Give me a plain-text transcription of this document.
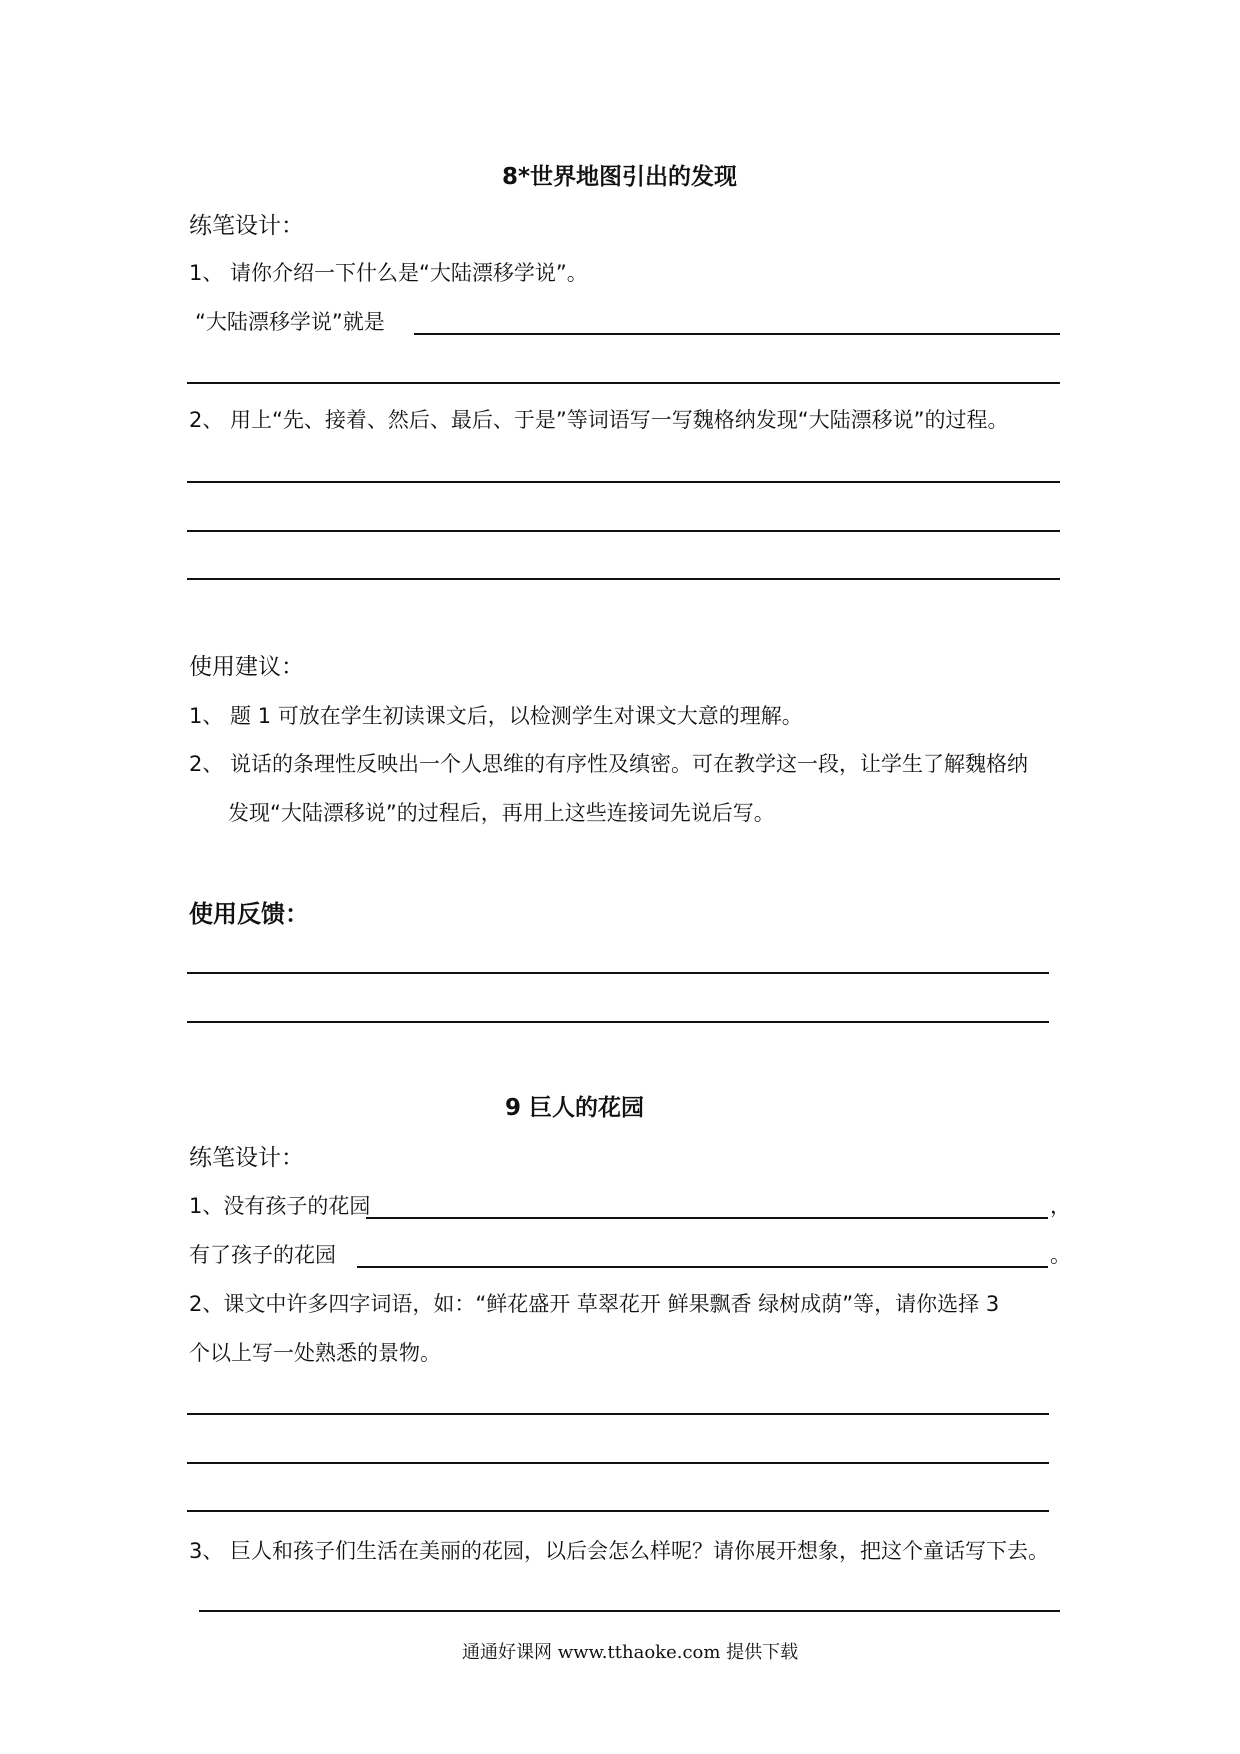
8*世界地图引出的发现
练笔设计：
1、 请你介绍一下什么是“大陆漂移学说”。
“大陆漂移学说”就是
2、 用上“先、接着、然后、最后、于是”等词语写一写魏格纳发现“大陆漂移说”的过程。
使用建议：
1、 题 1 可放在学生初读课文后，以检测学生对课文大意的理解。
2、 说话的条理性反映出一个人思维的有序性及缜密。可在教学这一段，让学生了解魏格纳
发现“大陆漂移说”的过程后，再用上这些连接词先说后写。
使用反馈：
9 巨人的花园
练笔设计：
1、没有孩子的花园	，
有了孩子的花园	。
2、课文中许多四字词语，如：“鲜花盛开 草翠花开 鲜果飘香 绿树成荫”等，请你选择 3
个以上写一处熟悉的景物。
3、 巨人和孩子们生活在美丽的花园，以后会怎么样呢？请你展开想象，把这个童话写下去。
通通好课网 www.tthaoke.com 提供下载
